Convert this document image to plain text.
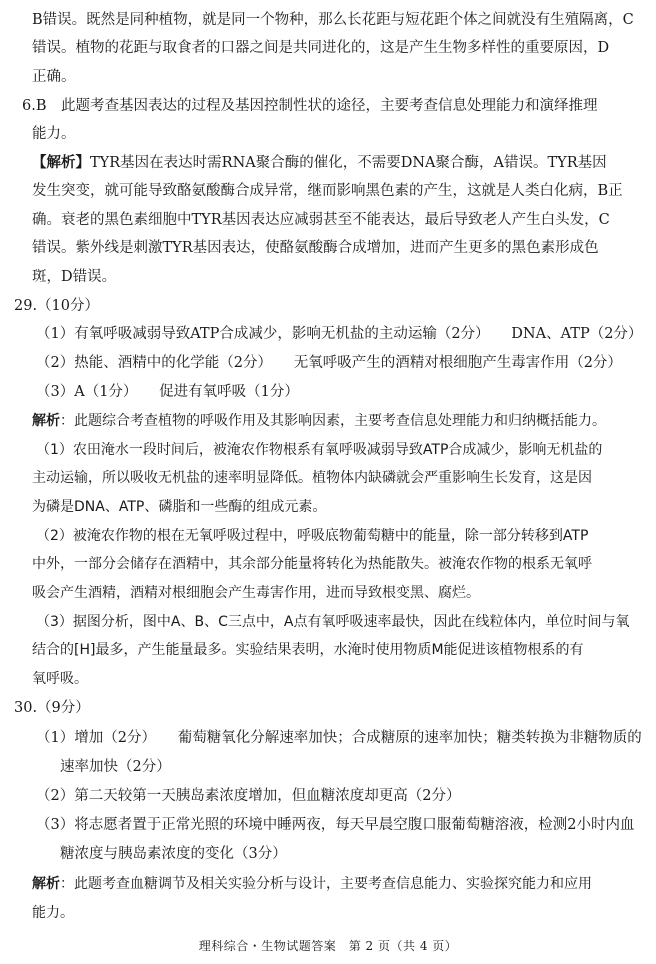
B错误。既然是同种植物，就是同一个物种，那么长花距与短花距个体之间就没有生殖隔离，C
错误。植物的花距与取食者的口器之间是共同进化的，这是产生生物多样性的重要原因，D
正确。
6.B　此题考查基因表达的过程及基因控制性状的途径，主要考查信息处理能力和演绎推理
能力。
【解析】TYR基因在表达时需RNA聚合酶的催化，不需要DNA聚合酶，A错误。TYR基因
发生突变，就可能导致酪氨酸酶合成异常，继而影响黑色素的产生，这就是人类白化病，B正
确。衰老的黑色素细胞中TYR基因表达应减弱甚至不能表达，最后导致老人产生白头发，C
错误。紫外线是刺激TYR基因表达，使酪氨酸酶合成增加，进而产生更多的黑色素形成色
斑，D错误。
29.（10分）
（1）有氧呼吸减弱导致ATP合成减少，影响无机盐的主动运输（2分）　　DNA、ATP（2分）
（2）热能、酒精中的化学能（2分）　　无氧呼吸产生的酒精对根细胞产生毒害作用（2分）
（3）A（1分）　　促进有氧呼吸（1分）
解析：此题综合考查植物的呼吸作用及其影响因素，主要考查信息处理能力和归纳概括能力。
（1）农田淹水一段时间后，被淹农作物根系有氧呼吸减弱导致ATP合成减少，影响无机盐的
主动运输，所以吸收无机盐的速率明显降低。植物体内缺磷就会严重影响生长发育，这是因
为磷是DNA、ATP、磷脂和一些酶的组成元素。
（2）被淹农作物的根在无氧呼吸过程中，呼吸底物葡萄糖中的能量，除一部分转移到ATP
中外，一部分会储存在酒精中，其余部分能量将转化为热能散失。被淹农作物的根系无氧呼
吸会产生酒精，酒精对根细胞会产生毒害作用，进而导致根变黑、腐烂。
（3）据图分析，图中A、B、C三点中，A点有氧呼吸速率最快，因此在线粒体内，单位时间与氧
结合的[H]最多，产生能量最多。实验结果表明，水淹时使用物质M能促进该植物根系的有
氧呼吸。
30.（9分）
（1）增加（2分）　　葡萄糖氧化分解速率加快；合成糖原的速率加快；糖类转换为非糖物质的
速率加快（2分）
（2）第二天较第一天胰岛素浓度增加，但血糖浓度却更高（2分）
（3）将志愿者置于正常光照的环境中睡两夜，每天早晨空腹口服葡萄糖溶液，检测2小时内血
糖浓度与胰岛素浓度的变化（3分）
解析：此题考查血糖调节及相关实验分析与设计，主要考查信息能力、实验探究能力和应用
能力。
理科综合・生物试题答案　第 2 页（共 4 页）
